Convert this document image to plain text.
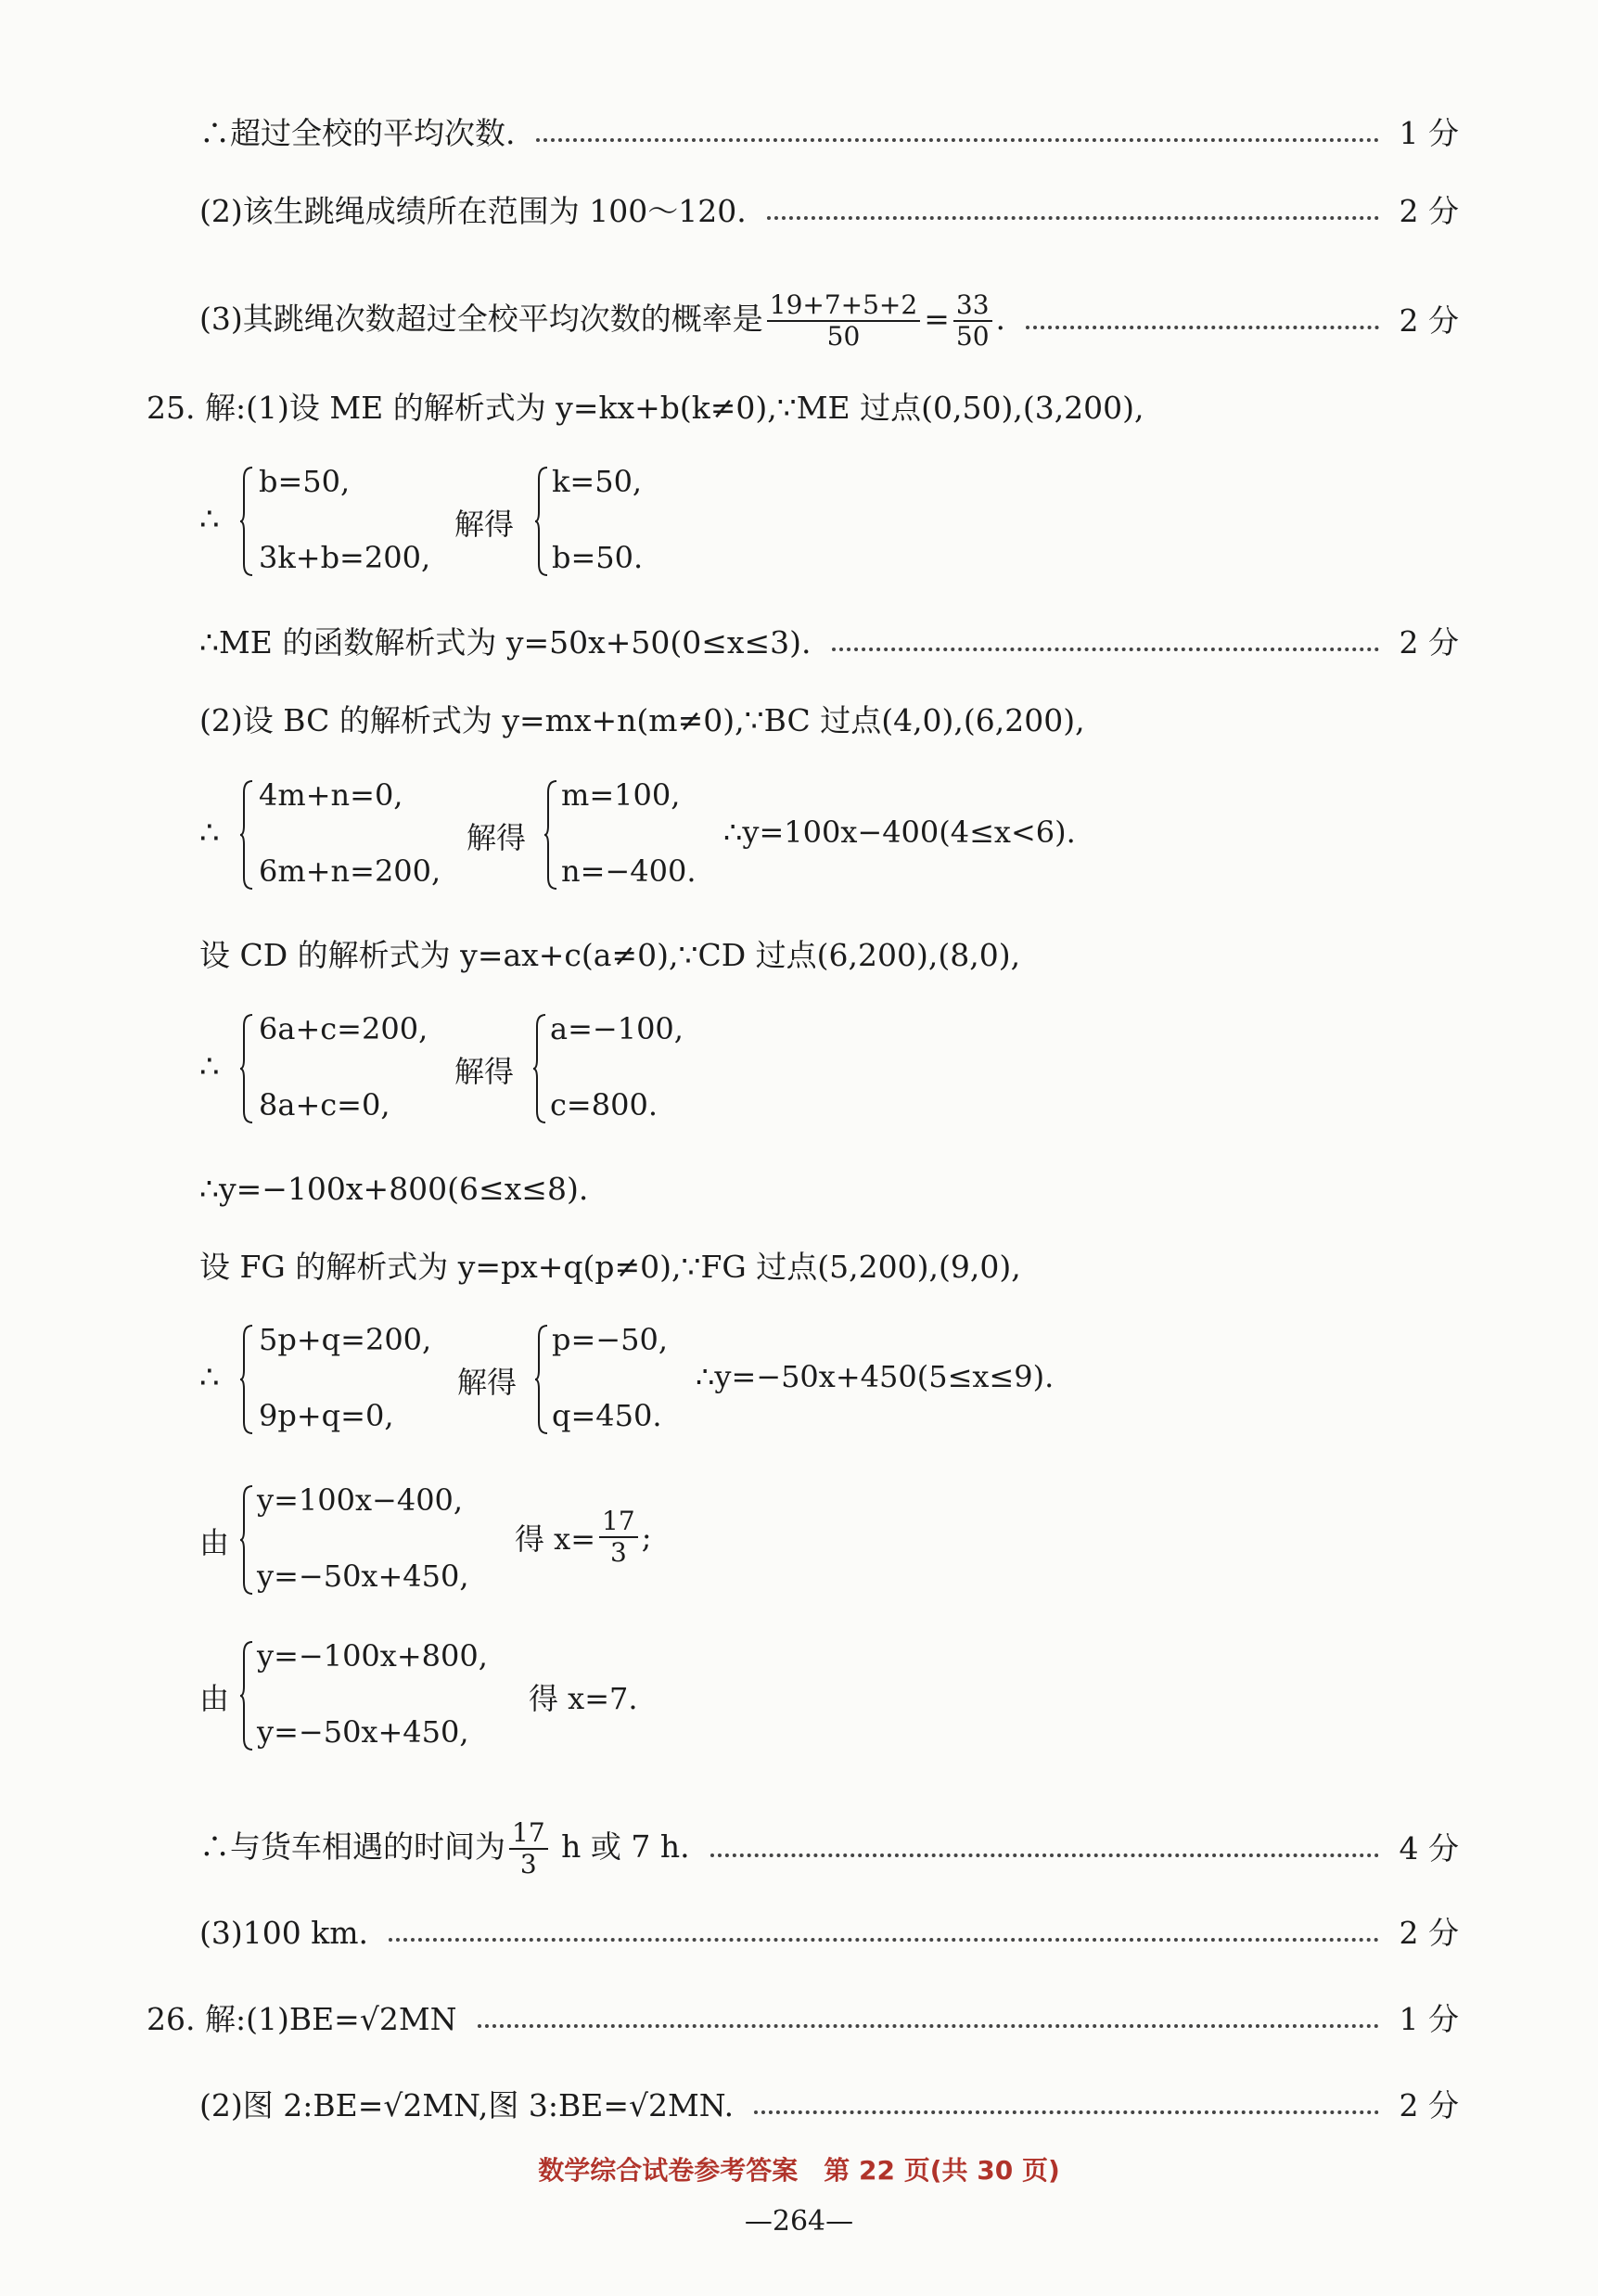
∴超过全校的平均次数.	1 分
(2)该生跳绳成绩所在范围为 100～120.	2 分
(3)其跳绳次数超过全校平均次数的概率是 $\frac{19+7+5+2}{50} = \frac{33}{50}$ .	2 分
25. 解:(1)设 ME 的解析式为 y=kx+b(k≠0),∵ME 过点(0,50),(3,200),
∴
b=50,
3k+b=200,
解得
k=50,
b=50.
∴ME 的函数解析式为 y=50x+50(0≤x≤3).	2 分
(2)设 BC 的解析式为 y=mx+n(m≠0),∵BC 过点(4,0),(6,200),
∴
4m+n=0,
6m+n=200,
解得
m=100,
n=−400.
∴y=100x−400(4≤x<6).
设 CD 的解析式为 y=ax+c(a≠0),∵CD 过点(6,200),(8,0),
∴
6a+c=200,
8a+c=0,
解得
a=−100,
c=800.
∴y=−100x+800(6≤x≤8).
设 FG 的解析式为 y=px+q(p≠0),∵FG 过点(5,200),(9,0),
∴
5p+q=200,
9p+q=0,
解得
p=−50,
q=450.
∴y=−50x+450(5≤x≤9).
由
y=100x−400,
y=−50x+450,
得 $x= \frac{17}{3}$ ;
由
y=−100x+800,
y=−50x+450,
得 x=7.
∴与货车相遇的时间为 $\frac{17}{3}$ h 或 7 h.	4 分
(3)100 km.	2 分
26. 解:(1)BE=√2MN	1 分
(2)图 2:BE=√2MN,图 3:BE=√2MN.	2 分
数学综合试卷参考答案　第 22 页(共 30 页)
—264—
